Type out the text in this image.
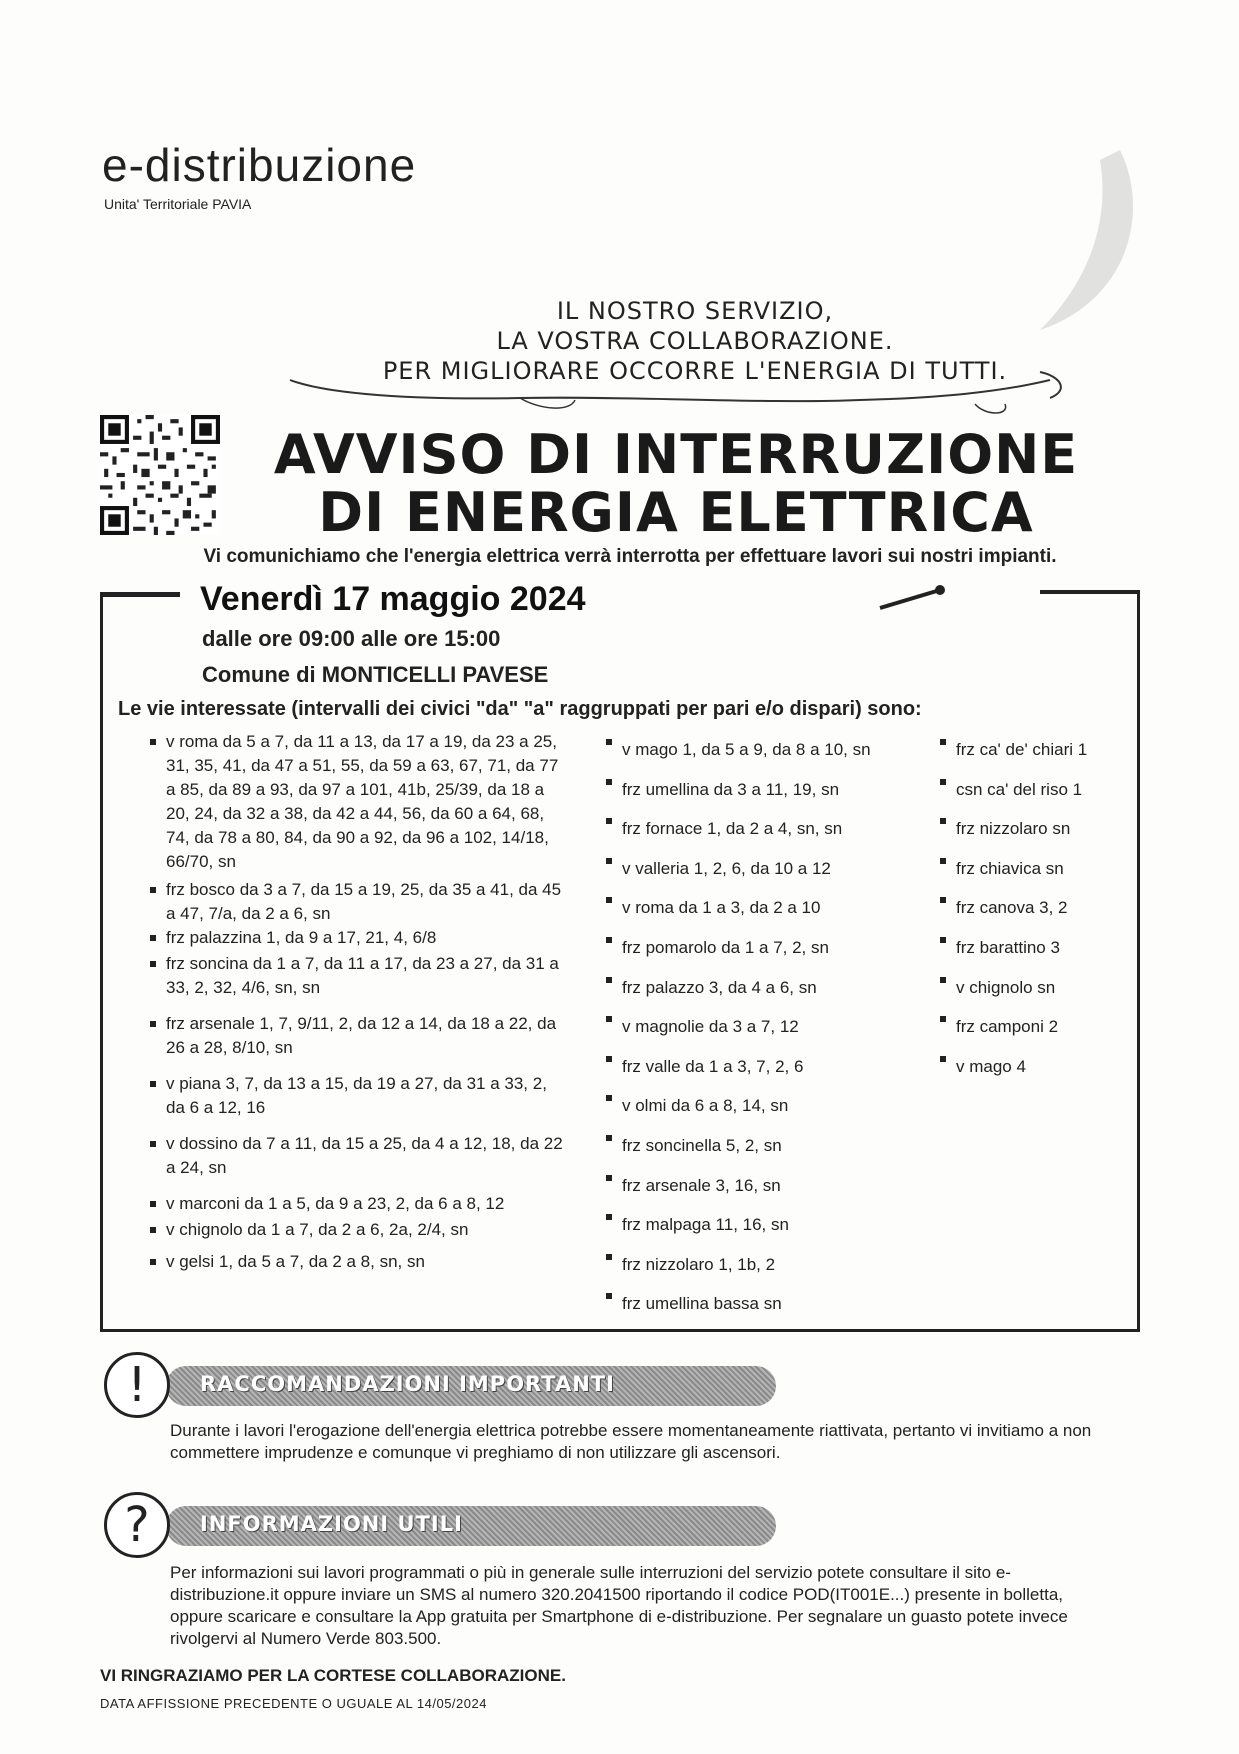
e-distribuzione
Unita' Territoriale PAVIA
IL NOSTRO SERVIZIO,
LA VOSTRA COLLABORAZIONE.
PER MIGLIORARE OCCORRE L'ENERGIA DI TUTTI.
AVVISO DI INTERRUZIONE
DI ENERGIA ELETTRICA
Vi comunichiamo che l'energia elettrica verrà interrotta per effettuare lavori sui nostri impianti.
Venerdì 17 maggio 2024
dalle ore 09:00 alle ore 15:00
Comune di MONTICELLI PAVESE
Le vie interessate (intervalli dei civici "da" "a" raggruppati per pari e/o dispari) sono:
v roma da 5 a 7, da 11 a 13, da 17 a 19, da 23 a 25, 31, 35, 41, da 47 a 51, 55, da 59 a 63, 67, 71, da 77 a 85, da 89 a 93, da 97 a 101, 41b, 25/39, da 18 a 20, 24, da 32 a 38, da 42 a 44, 56, da 60 a 64, 68, 74, da 78 a 80, 84, da 90 a 92, da 96 a 102, 14/18, 66/70, sn
frz bosco da 3 a 7, da 15 a 19, 25, da 35 a 41, da 45 a 47, 7/a, da 2 a 6, sn
frz palazzina 1, da 9 a 17, 21, 4, 6/8
frz soncina da 1 a 7, da 11 a 17, da 23 a 27, da 31 a 33, 2, 32, 4/6, sn, sn
frz arsenale 1, 7, 9/11, 2, da 12 a 14, da 18 a 22, da 26 a 28, 8/10, sn
v piana 3, 7, da 13 a 15, da 19 a 27, da 31 a 33, 2, da 6 a 12, 16
v dossino da 7 a 11, da 15 a 25, da 4 a 12, 18, da 22 a 24, sn
v marconi da 1 a 5, da 9 a 23, 2, da 6 a 8, 12
v chignolo da 1 a 7, da 2 a 6, 2a, 2/4, sn
v gelsi 1, da 5 a 7, da 2 a 8, sn, sn
v mago 1, da 5 a 9, da 8 a 10, sn
frz umellina da 3 a 11, 19, sn
frz fornace 1, da 2 a 4, sn, sn
v valleria 1, 2, 6, da 10 a 12
v roma da 1 a 3, da 2 a 10
frz pomarolo da 1 a 7, 2, sn
frz palazzo 3, da 4 a 6, sn
v magnolie da 3 a 7, 12
frz valle da 1 a 3, 7, 2, 6
v olmi da 6 a 8, 14, sn
frz soncinella 5, 2, sn
frz arsenale 3, 16, sn
frz malpaga 11, 16, sn
frz nizzolaro 1, 1b, 2
frz umellina bassa sn
frz ca' de' chiari 1
csn ca' del riso 1
frz nizzolaro sn
frz chiavica sn
frz canova 3, 2
frz barattino 3
v chignolo sn
frz camponi 2
v mago 4
!	RACCOMANDAZIONI IMPORTANTI
Durante i lavori l'erogazione dell'energia elettrica potrebbe essere momentaneamente riattivata, pertanto vi invitiamo a non commettere imprudenze e comunque vi preghiamo di non utilizzare gli ascensori.
?	INFORMAZIONI UTILI
Per informazioni sui lavori programmati o più in generale sulle interruzioni del servizio potete consultare il sito e-distribuzione.it oppure inviare un SMS al numero 320.2041500 riportando il codice POD(IT001E...) presente in bolletta, oppure scaricare e consultare la App gratuita per Smartphone di e-distribuzione. Per segnalare un guasto potete invece rivolgervi al Numero Verde 803.500.
VI RINGRAZIAMO PER LA CORTESE COLLABORAZIONE.
DATA AFFISSIONE PRECEDENTE O UGUALE AL 14/05/2024
